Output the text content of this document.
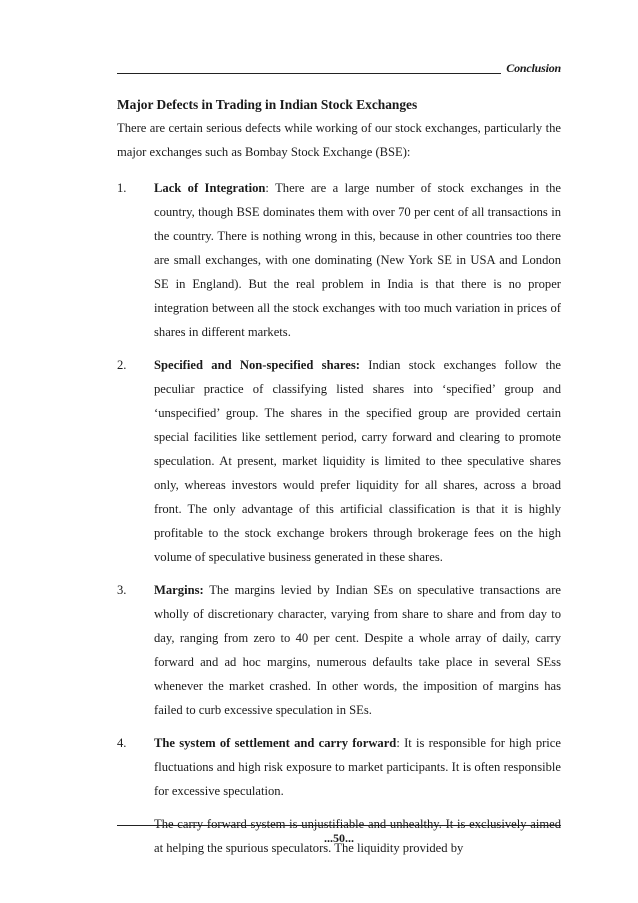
Conclusion
Major Defects in Trading in Indian Stock Exchanges

There are certain serious defects while working of our stock exchanges, particularly the major exchanges such as Bombay Stock Exchange (BSE):

1. Lack of Integration: There are a large number of stock exchanges in the country, though BSE dominates them with over 70 per cent of all transactions in the country. There is nothing wrong in this, because in other countries too there are small exchanges, with one dominating (New York SE in USA and London SE in England). But the real problem in India is that there is no proper integration between all the stock exchanges with too much variation in prices of shares in different markets.

2. Specified and Non-specified shares: Indian stock exchanges follow the peculiar practice of classifying listed shares into ‘specified’ group and ‘unspecified’ group. The shares in the specified group are provided certain special facilities like settlement period, carry forward and clearing to promote speculation. At present, market liquidity is limited to thee speculative shares only, whereas investors would prefer liquidity for all shares, across a broad front. The only advantage of this artificial classification is that it is highly profitable to the stock exchange brokers through brokerage fees on the high volume of speculative business generated in these shares.

3. Margins: The margins levied by Indian SEs on speculative transactions are wholly of discretionary character, varying from share to share and from day to day, ranging from zero to 40 per cent. Despite a whole array of daily, carry forward and ad hoc margins, numerous defaults take place in several SEss whenever the market crashed. In other words, the imposition of margins has failed to curb excessive speculation in SEs.

4. The system of settlement and carry forward: It is responsible for high price fluctuations and high risk exposure to market participants. It is often responsible for excessive speculation.

The carry forward system is unjustifiable and unhealthy. It is exclusively aimed at helping the spurious speculators. The liquidity provided by

...50...
